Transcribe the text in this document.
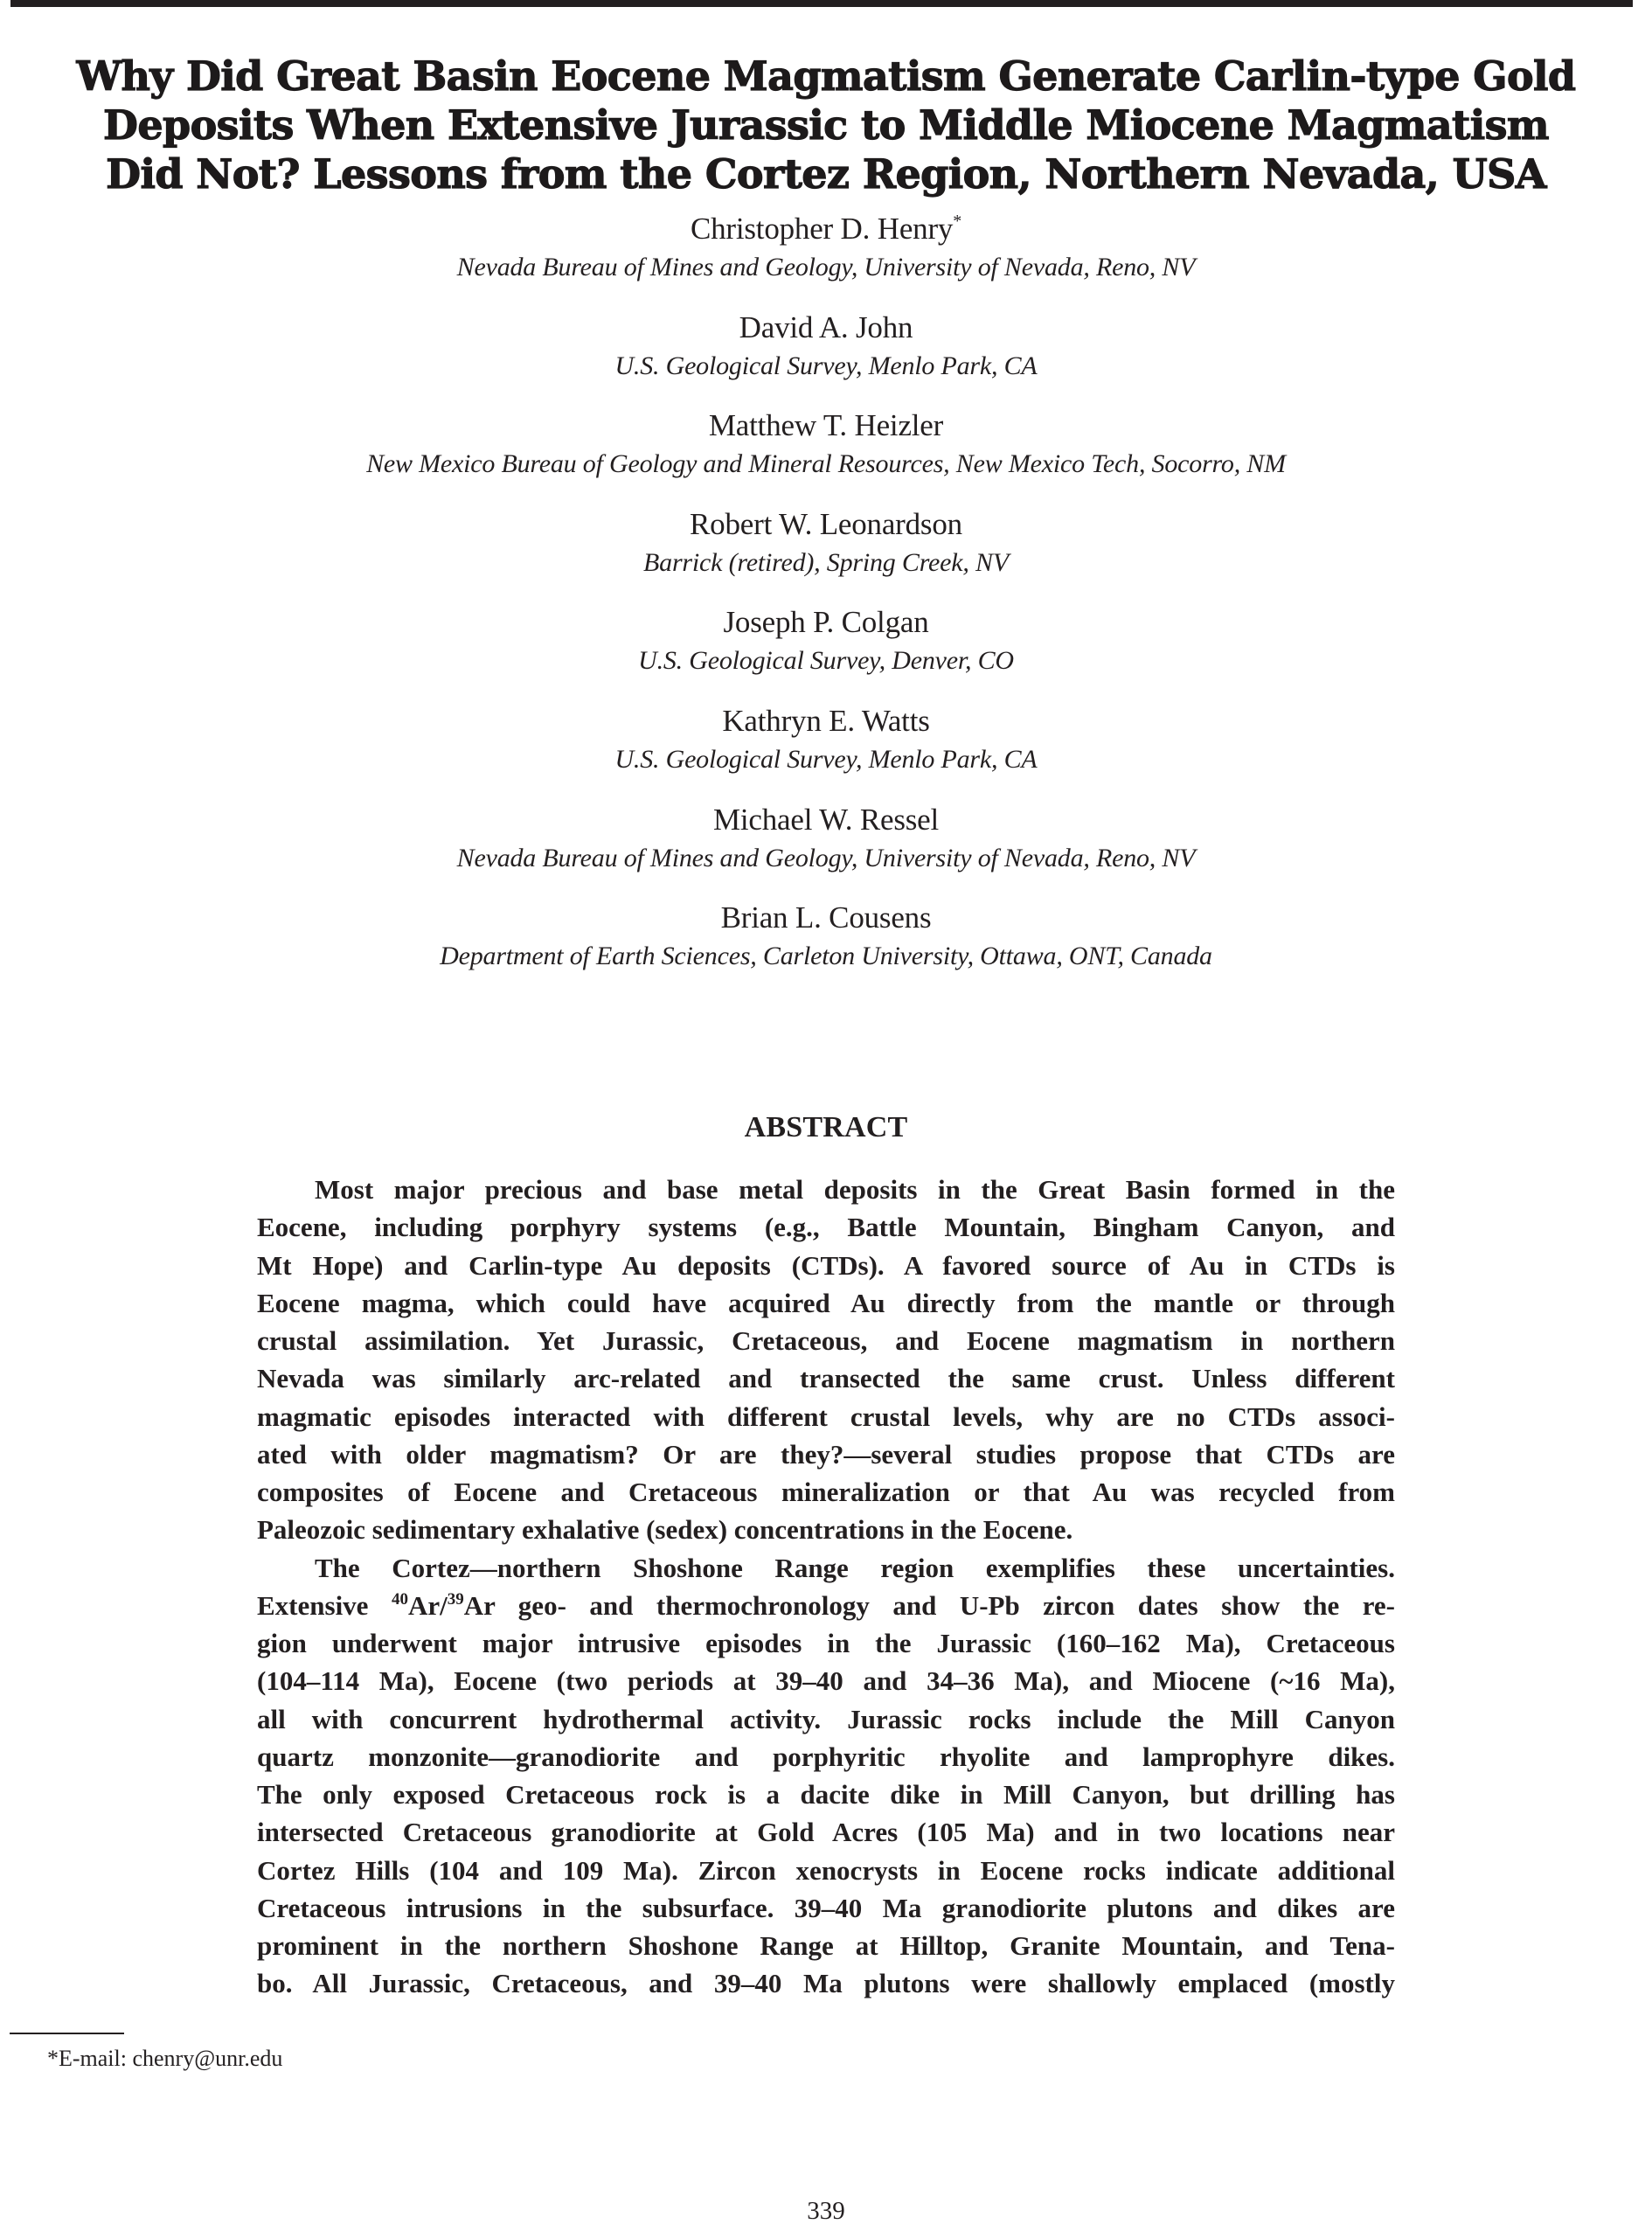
Why Did Great Basin Eocene Magmatism Generate Carlin-type Gold
Deposits When Extensive Jurassic to Middle Miocene Magmatism
Did Not? Lessons from the Cortez Region, Northern Nevada, USA
Christopher D. Henry*
Nevada Bureau of Mines and Geology, University of Nevada, Reno, NV
David A. John
U.S. Geological Survey, Menlo Park, CA
Matthew T. Heizler
New Mexico Bureau of Geology and Mineral Resources, New Mexico Tech, Socorro, NM
Robert W. Leonardson
Barrick (retired), Spring Creek, NV
Joseph P. Colgan
U.S. Geological Survey, Denver, CO
Kathryn E. Watts
U.S. Geological Survey, Menlo Park, CA
Michael W. Ressel
Nevada Bureau of Mines and Geology, University of Nevada, Reno, NV
Brian L. Cousens
Department of Earth Sciences, Carleton University, Ottawa, ONT, Canada
ABSTRACT
Most major precious and base metal deposits in the Great Basin formed in the
Eocene, including porphyry systems (e.g., Battle Mountain, Bingham Canyon, and
Mt Hope) and Carlin-type Au deposits (CTDs). A favored source of Au in CTDs is
Eocene magma, which could have acquired Au directly from the mantle or through
crustal assimilation. Yet Jurassic, Cretaceous, and Eocene magmatism in northern
Nevada was similarly arc-related and transected the same crust. Unless different
magmatic episodes interacted with different crustal levels, why are no CTDs associ-
ated with older magmatism? Or are they?—several studies propose that CTDs are
composites of Eocene and Cretaceous mineralization or that Au was recycled from
Paleozoic sedimentary exhalative (sedex) concentrations in the Eocene.
The Cortez—northern Shoshone Range region exemplifies these uncertainties.
Extensive $^{40}$Ar/$^{39}$Ar geo- and thermochronology and U-Pb zircon dates show the re-
gion underwent major intrusive episodes in the Jurassic (160–162 Ma), Cretaceous
(104–114 Ma), Eocene (two periods at 39–40 and 34–36 Ma), and Miocene (~16 Ma),
all with concurrent hydrothermal activity. Jurassic rocks include the Mill Canyon
quartz monzonite—granodiorite and porphyritic rhyolite and lamprophyre dikes.
The only exposed Cretaceous rock is a dacite dike in Mill Canyon, but drilling has
intersected Cretaceous granodiorite at Gold Acres (105 Ma) and in two locations near
Cortez Hills (104 and 109 Ma). Zircon xenocrysts in Eocene rocks indicate additional
Cretaceous intrusions in the subsurface. 39–40 Ma granodiorite plutons and dikes are
prominent in the northern Shoshone Range at Hilltop, Granite Mountain, and Tena-
bo. All Jurassic, Cretaceous, and 39–40 Ma plutons were shallowly emplaced (mostly
*E-mail: chenry@unr.edu
339
